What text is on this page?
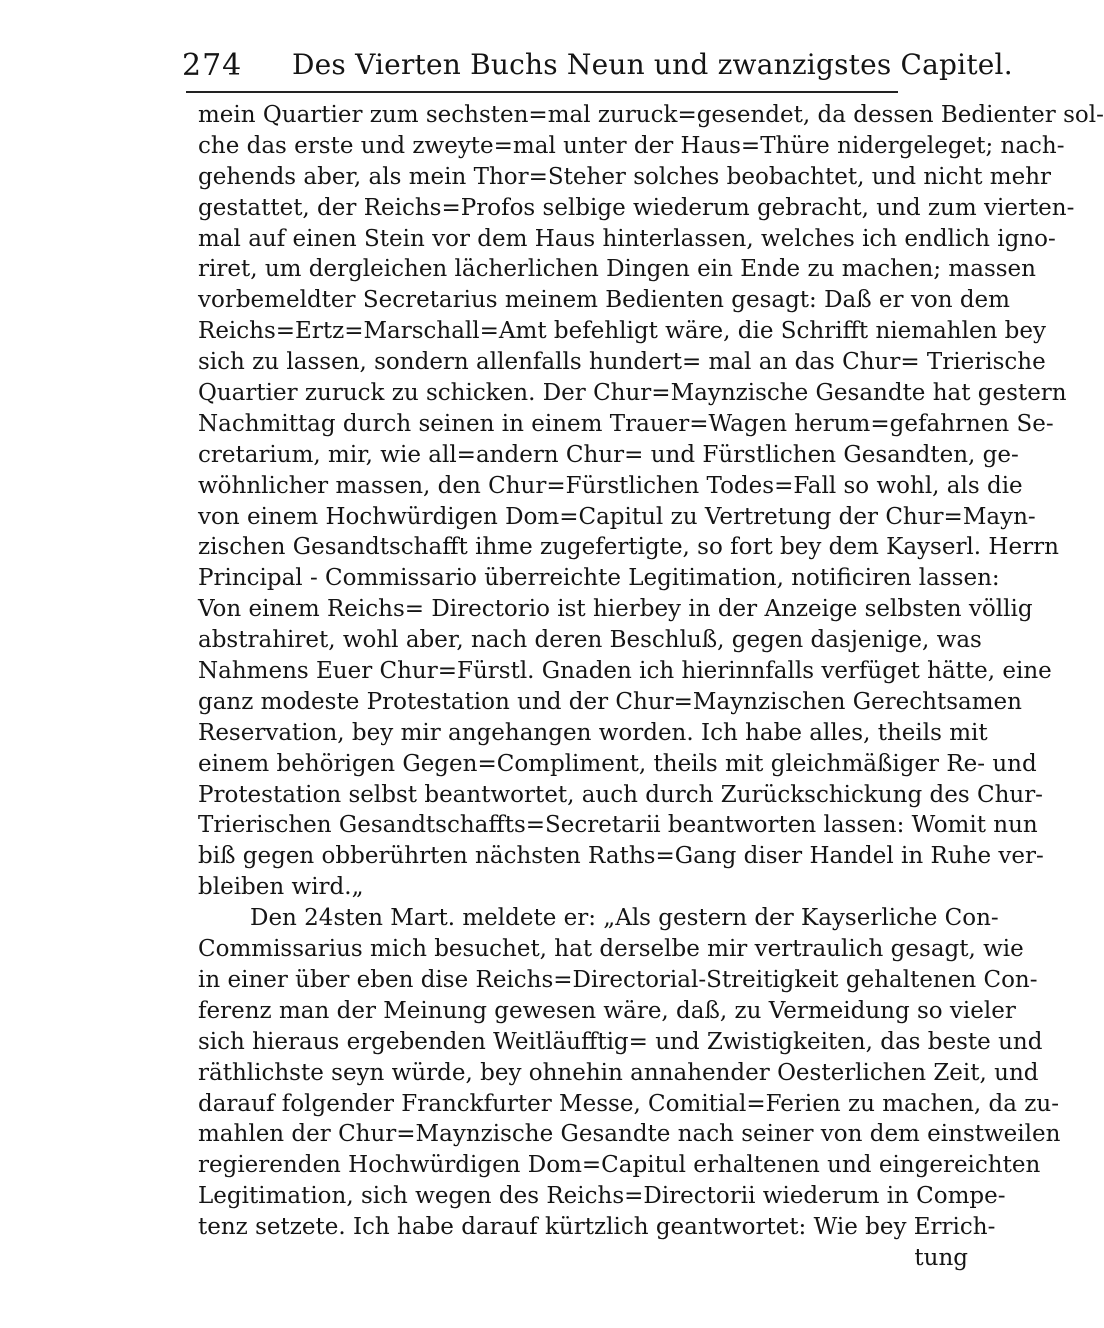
274 Des Vierten Buchs Neun und zwanzigstes Capitel.
mein Quartier zum sechsten=mal zuruck=gesendet, da dessen Bedienter sol-
che das erste und zweyte=mal unter der Haus=Thüre nidergeleget; nach-
gehends aber, als mein Thor=Steher solches beobachtet, und nicht mehr
gestattet, der Reichs=Profos selbige wiederum gebracht, und zum vierten-
mal auf einen Stein vor dem Haus hinterlassen, welches ich endlich igno-
riret, um dergleichen lächerlichen Dingen ein Ende zu machen; massen
vorbemeldter Secretarius meinem Bedienten gesagt: Daß er von dem
Reichs=Ertz=Marschall=Amt befehligt wäre, die Schrifft niemahlen bey
sich zu lassen, sondern allenfalls hundert= mal an das Chur= Trierische
Quartier zuruck zu schicken. Der Chur=Maynzische Gesandte hat gestern
Nachmittag durch seinen in einem Trauer=Wagen herum=gefahrnen Se-
cretarium, mir, wie all=andern Chur= und Fürstlichen Gesandten, ge-
wöhnlicher massen, den Chur=Fürstlichen Todes=Fall so wohl, als die
von einem Hochwürdigen Dom=Capitul zu Vertretung der Chur=Mayn-
zischen Gesandtschafft ihme zugefertigte, so fort bey dem Kayserl. Herrn
Principal - Commissario überreichte Legitimation, notificiren lassen:
Von einem Reichs= Directorio ist hierbey in der Anzeige selbsten völlig
abstrahiret, wohl aber, nach deren Beschluß, gegen dasjenige, was
Nahmens Euer Chur=Fürstl. Gnaden ich hierinnfalls verfüget hätte, eine
ganz modeste Protestation und der Chur=Maynzischen Gerechtsamen
Reservation, bey mir angehangen worden. Ich habe alles, theils mit
einem behörigen Gegen=Compliment, theils mit gleichmäßiger Re- und
Protestation selbst beantwortet, auch durch Zurückschickung des Chur-
Trierischen Gesandtschaffts=Secretarii beantworten lassen: Womit nun
biß gegen obberührten nächsten Raths=Gang diser Handel in Ruhe ver-
bleiben wird.„
Den 24sten Mart. meldete er: „Als gestern der Kayserliche Con-
Commissarius mich besuchet, hat derselbe mir vertraulich gesagt, wie
in einer über eben dise Reichs=Directorial-Streitigkeit gehaltenen Con-
ferenz man der Meinung gewesen wäre, daß, zu Vermeidung so vieler
sich hieraus ergebenden Weitläufftig= und Zwistigkeiten, das beste und
räthlichste seyn würde, bey ohnehin annahender Oesterlichen Zeit, und
darauf folgender Franckfurter Messe, Comitial=Ferien zu machen, da zu-
mahlen der Chur=Maynzische Gesandte nach seiner von dem einstweilen
regierenden Hochwürdigen Dom=Capitul erhaltenen und eingereichten
Legitimation, sich wegen des Reichs=Directorii wiederum in Compe-
tenz setzete. Ich habe darauf kürtzlich geantwortet: Wie bey Errich-
tung
